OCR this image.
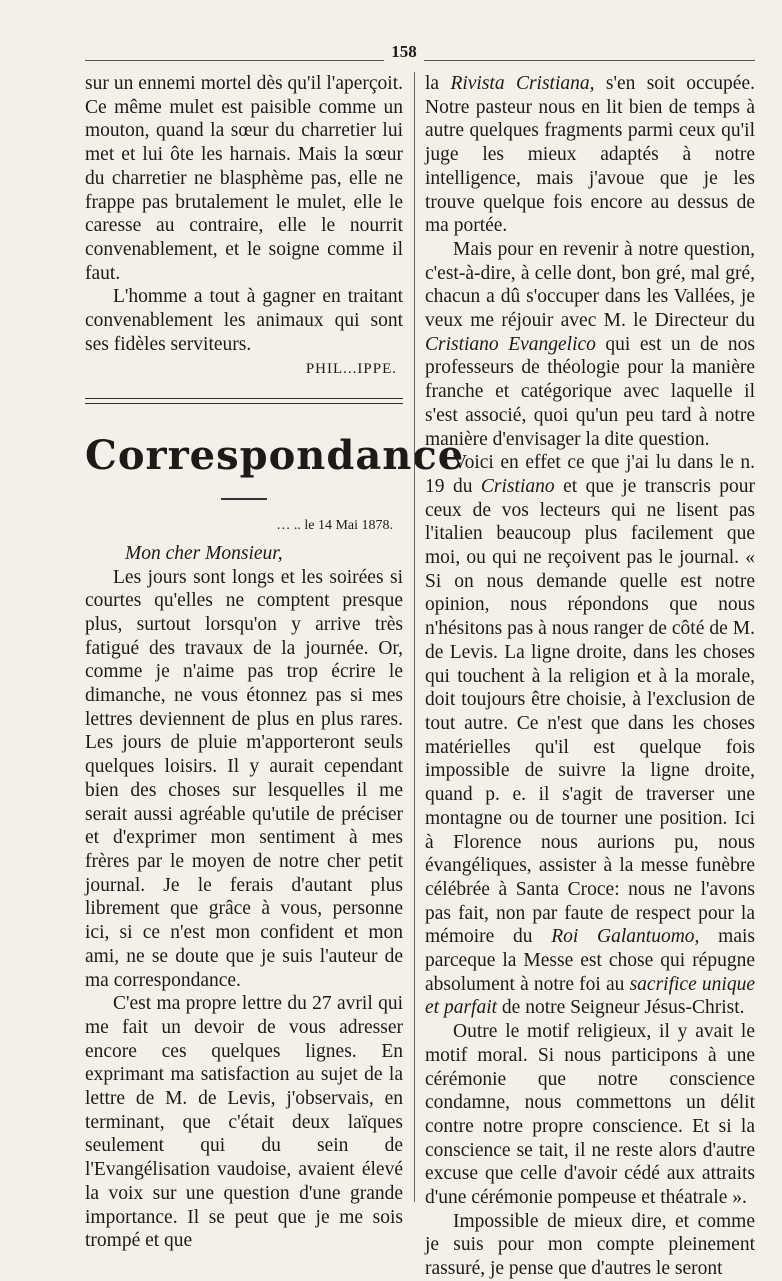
158

sur un ennemi mortel dès qu'il l'aperçoit. Ce même mulet est paisible comme un mouton, quand la sœur du charretier lui met et lui ôte les harnais. Mais la sœur du charretier ne blasphème pas, elle ne frappe pas brutalement le mulet, elle le caresse au contraire, elle le nourrit convenablement, et le soigne comme il faut.

L'homme a tout à gagner en traitant convenablement les animaux qui sont ses fidèles serviteurs.

PHIL...IPPE.

Correspondance

… .. le 14 Mai 1878.

Mon cher Monsieur,

Les jours sont longs et les soirées si courtes qu'elles ne comptent presque plus, surtout lorsqu'on y arrive très fatigué des travaux de la journée. Or, comme je n'aime pas trop écrire le dimanche, ne vous étonnez pas si mes lettres deviennent de plus en plus rares. Les jours de pluie m'apporteront seuls quelques loisirs. Il y aurait cependant bien des choses sur lesquelles il me serait aussi agréable qu'utile de préciser et d'exprimer mon sentiment à mes frères par le moyen de notre cher petit journal. Je le ferais d'autant plus librement que grâce à vous, personne ici, si ce n'est mon confident et mon ami, ne se doute que je suis l'auteur de ma correspondance.

C'est ma propre lettre du 27 avril qui me fait un devoir de vous adresser encore ces quelques lignes. En exprimant ma satisfaction au sujet de la lettre de M. de Levis, j'observais, en terminant, que c'était deux laïques seulement qui du sein de l'Evangélisation vaudoise, avaient élevé la voix sur une question d'une grande importance. Il se peut que je me sois trompé et que

la Rivista Cristiana, s'en soit occupée. Notre pasteur nous en lit bien de temps à autre quelques fragments parmi ceux qu'il juge les mieux adaptés à notre intelligence, mais j'avoue que je les trouve quelque fois encore au dessus de ma portée.

Mais pour en revenir à notre question, c'est-à-dire, à celle dont, bon gré, mal gré, chacun a dû s'occuper dans les Vallées, je veux me réjouir avec M. le Directeur du Cristiano Evangelico qui est un de nos professeurs de théologie pour la manière franche et catégorique avec laquelle il s'est associé, quoi qu'un peu tard à notre manière d'envisager la dite question.

Voici en effet ce que j'ai lu dans le n. 19 du Cristiano et que je transcris pour ceux de vos lecteurs qui ne lisent pas l'italien beaucoup plus facilement que moi, ou qui ne reçoivent pas le journal. « Si on nous demande quelle est notre opinion, nous répondons que nous n'hésitons pas à nous ranger de côté de M. de Levis. La ligne droite, dans les choses qui touchent à la religion et à la morale, doit toujours être choisie, à l'exclusion de tout autre. Ce n'est que dans les choses matérielles qu'il est quelque fois impossible de suivre la ligne droite, quand p. e. il s'agit de traverser une montagne ou de tourner une position. Ici à Florence nous aurions pu, nous évangéliques, assister à la messe funèbre célébrée à Santa Croce: nous ne l'avons pas fait, non par faute de respect pour la mémoire du Roi Galantuomo, mais parceque la Messe est chose qui répugne absolument à notre foi au sacrifice unique et parfait de notre Seigneur Jésus-Christ.

Outre le motif religieux, il y avait le motif moral. Si nous participons à une cérémonie que notre conscience condamne, nous commettons un délit contre notre propre conscience. Et si la conscience se tait, il ne reste alors d'autre excuse que celle d'avoir cédé aux attraits d'une cérémonie pompeuse et théatrale ».

Impossible de mieux dire, et comme je suis pour mon compte pleinement rassuré, je pense que d'autres le seront
